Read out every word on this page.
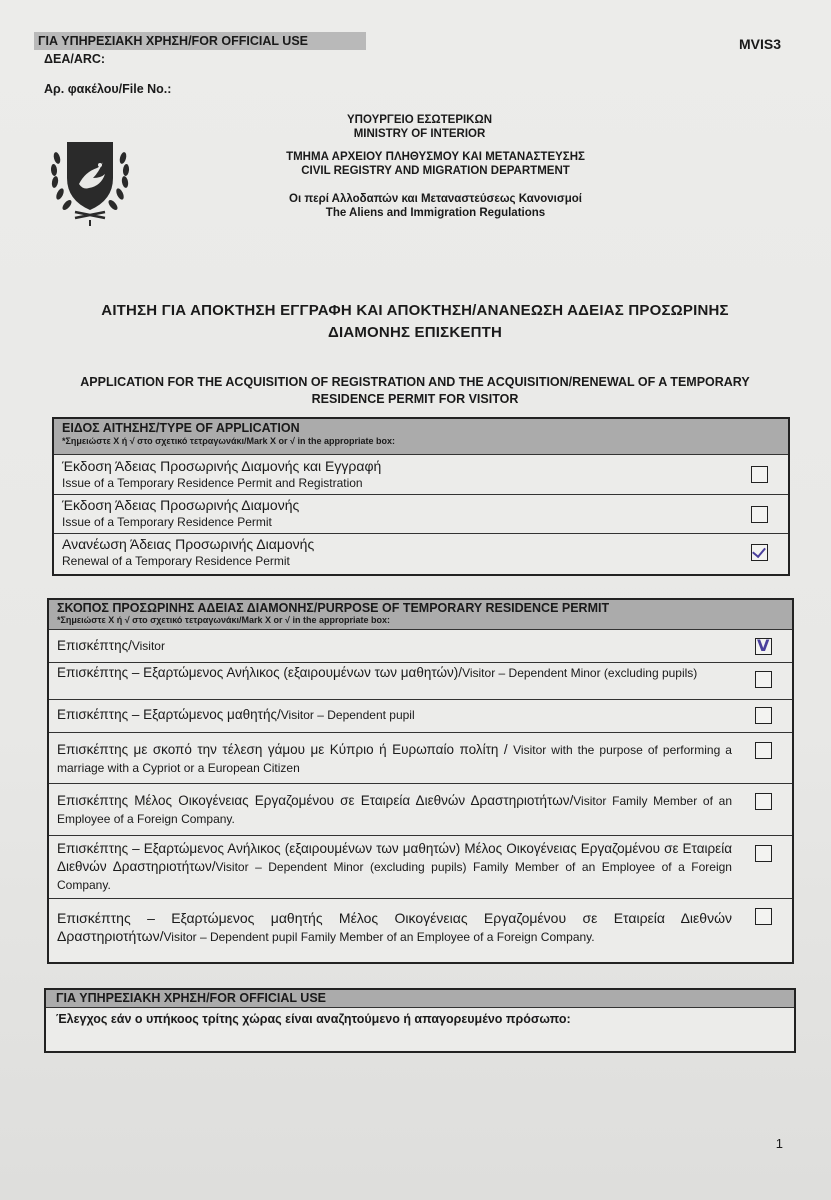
ΓΙΑ ΥΠΗΡΕΣΙΑΚΗ ΧΡΗΣΗ/FOR OFFICIAL USE
ΔΕΑ/ARC:
Αρ. φακέλου/File No.:
MVIS3
ΥΠΟΥΡΓΕΙΟ ΕΣΩΤΕΡΙΚΩΝ
MINISTRY OF INTERIOR
ΤΜΗΜΑ ΑΡΧΕΙΟΥ ΠΛΗΘΥΣΜΟΥ ΚΑΙ ΜΕΤΑΝΑΣΤΕΥΣΗΣ
CIVIL REGISTRY AND MIGRATION DEPARTMENT
Οι περί Αλλοδαπών και Μεταναστεύσεως Κανονισμοί
The Aliens and Immigration Regulations
ΑΙΤΗΣΗ ΓΙΑ ΑΠΟΚΤΗΣΗ ΕΓΓΡΑΦΗ ΚΑΙ ΑΠΟΚΤΗΣΗ/ΑΝΑΝΕΩΣΗ ΑΔΕΙΑΣ ΠΡΟΣΩΡΙΝΗΣ
ΔΙΑΜΟΝΗΣ ΕΠΙΣΚΕΠΤΗ
APPLICATION FOR THE ACQUISITION OF REGISTRATION AND THE ACQUISITION/RENEWAL OF A TEMPORARY
RESIDENCE PERMIT FOR VISITOR
ΕΙΔΟΣ ΑΙΤΗΣΗΣ/TYPE OF APPLICATION
*Σημειώστε Χ ή √ στο σχετικό τετραγωνάκι/Mark X or √ in the appropriate box:
Έκδοση Άδειας Προσωρινής Διαμονής και Εγγραφή
Issue of a Temporary Residence Permit and Registration
Έκδοση Άδειας Προσωρινής Διαμονής
Issue of a Temporary Residence Permit
Ανανέωση Άδειας Προσωρινής Διαμονής
Renewal of a Temporary Residence Permit
ΣΚΟΠΟΣ ΠΡΟΣΩΡΙΝΗΣ ΑΔΕΙΑΣ ΔΙΑΜΟΝΗΣ/PURPOSE OF TEMPORARY RESIDENCE PERMIT
*Σημειώστε Χ ή √ στο σχετικό τετραγωνάκι/Mark X or √ in the appropriate box:
Επισκέπτης/Visitor
V
Επισκέπτης – Εξαρτώμενος Ανήλικος (εξαιρουμένων των μαθητών)/Visitor – Dependent Minor (excluding pupils)
Επισκέπτης – Εξαρτώμενος μαθητής/Visitor – Dependent pupil
Επισκέπτης με σκοπό την τέλεση γάμου με Κύπριο ή Ευρωπαίο πολίτη / Visitor with the purpose of performing a marriage with a Cypriot or a European Citizen
Επισκέπτης Μέλος Οικογένειας Εργαζομένου σε Εταιρεία Διεθνών Δραστηριοτήτων/Visitor Family Member of an Employee of a Foreign Company.
Επισκέπτης – Εξαρτώμενος Ανήλικος (εξαιρουμένων των μαθητών) Μέλος Οικογένειας Εργαζομένου σε Εταιρεία Διεθνών Δραστηριοτήτων/Visitor – Dependent Minor (excluding pupils) Family Member of an Employee of a Foreign Company.
Επισκέπτης – Εξαρτώμενος μαθητής Μέλος Οικογένειας Εργαζομένου σε Εταιρεία Διεθνών Δραστηριοτήτων/Visitor – Dependent pupil Family Member of an Employee of a Foreign Company.
ΓΙΑ ΥΠΗΡΕΣΙΑΚΗ ΧΡΗΣΗ/FOR OFFICIAL USE
Έλεγχος εάν ο υπήκοος τρίτης χώρας είναι αναζητούμενο ή απαγορευμένο πρόσωπο:
1
